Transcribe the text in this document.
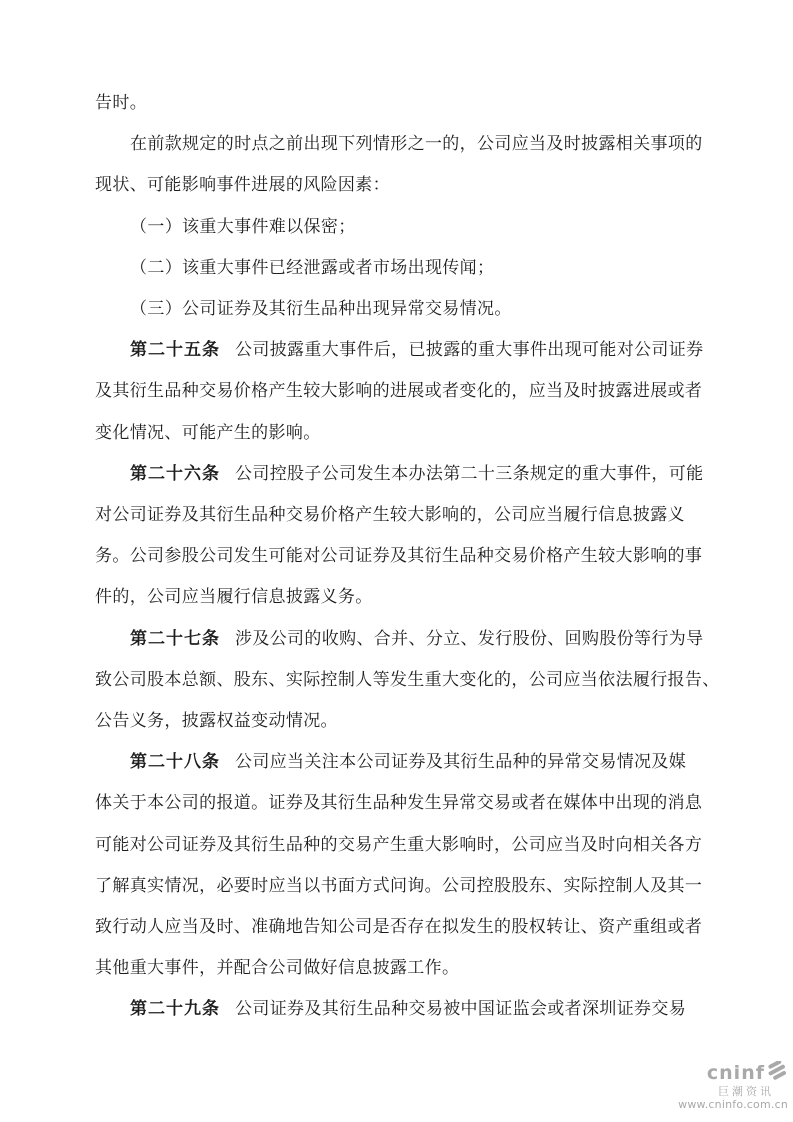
告时。
在前款规定的时点之前出现下列情形之一的，公司应当及时披露相关事项的
现状、可能影响事件进展的风险因素：
（一）该重大事件难以保密；
（二）该重大事件已经泄露或者市场出现传闻；
（三）公司证券及其衍生品种出现异常交易情况。
第二十五条 公司披露重大事件后，已披露的重大事件出现可能对公司证券
及其衍生品种交易价格产生较大影响的进展或者变化的，应当及时披露进展或者
变化情况、可能产生的影响。
第二十六条 公司控股子公司发生本办法第二十三条规定的重大事件，可能
对公司证券及其衍生品种交易价格产生较大影响的，公司应当履行信息披露义
务。公司参股公司发生可能对公司证券及其衍生品种交易价格产生较大影响的事
件的，公司应当履行信息披露义务。
第二十七条 涉及公司的收购、合并、分立、发行股份、回购股份等行为导
致公司股本总额、股东、实际控制人等发生重大变化的，公司应当依法履行报告、
公告义务，披露权益变动情况。
第二十八条 公司应当关注本公司证券及其衍生品种的异常交易情况及媒
体关于本公司的报道。证券及其衍生品种发生异常交易或者在媒体中出现的消息
可能对公司证券及其衍生品种的交易产生重大影响时，公司应当及时向相关各方
了解真实情况，必要时应当以书面方式问询。公司控股股东、实际控制人及其一
致行动人应当及时、准确地告知公司是否存在拟发生的股权转让、资产重组或者
其他重大事件，并配合公司做好信息披露工作。
第二十九条 公司证券及其衍生品种交易被中国证监会或者深圳证券交易
cninf
巨潮资讯
www.cninfo.com.cn
